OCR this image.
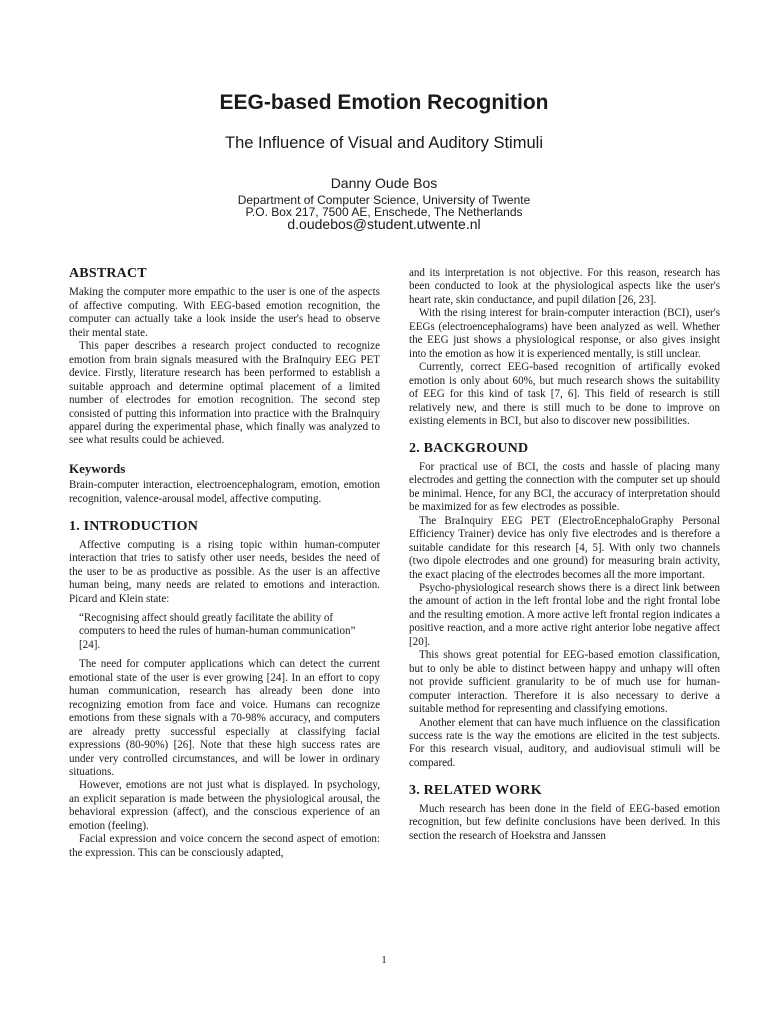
EEG-based Emotion Recognition
The Influence of Visual and Auditory Stimuli
Danny Oude Bos
Department of Computer Science, University of Twente
P.O. Box 217, 7500 AE, Enschede, The Netherlands
d.oudebos@student.utwente.nl
ABSTRACT

Making the computer more empathic to the user is one of the aspects of affective computing. With EEG-based emotion recognition, the computer can actually take a look inside the user's head to observe their mental state.

This paper describes a research project conducted to recognize emotion from brain signals measured with the BraInquiry EEG PET device. Firstly, literature research has been performed to establish a suitable approach and determine optimal placement of a limited number of electrodes for emotion recognition. The second step consisted of putting this information into practice with the BraInquiry apparel during the experimental phase, which finally was analyzed to see what results could be achieved.

Keywords

Brain-computer interaction, electroencephalogram, emotion, emotion recognition, valence-arousal model, affective computing.

1. INTRODUCTION

Affective computing is a rising topic within human-computer interaction that tries to satisfy other user needs, besides the need of the user to be as productive as possible. As the user is an affective human being, many needs are related to emotions and interaction. Picard and Klein state:

“Recognising affect should greatly facilitate the ability of computers to heed the rules of human-human communication” [24].

The need for computer applications which can detect the current emotional state of the user is ever growing [24]. In an effort to copy human communication, research has already been done into recognizing emotion from face and voice. Humans can recognize emotions from these signals with a 70-98% accuracy, and computers are already pretty successful especially at classifying facial expressions (80-90%) [26]. Note that these high success rates are under very controlled circumstances, and will be lower in ordinary situations.

However, emotions are not just what is displayed. In psychology, an explicit separation is made between the physiological arousal, the behavioral expression (affect), and the conscious experience of an emotion (feeling).

Facial expression and voice concern the second aspect of emotion: the expression. This can be consciously adapted,

and its interpretation is not objective. For this reason, research has been conducted to look at the physiological aspects like the user's heart rate, skin conductance, and pupil dilation [26, 23].

With the rising interest for brain-computer interaction (BCI), user's EEGs (electroencephalograms) have been analyzed as well. Whether the EEG just shows a physiological response, or also gives insight into the emotion as how it is experienced mentally, is still unclear.

Currently, correct EEG-based recognition of artifically evoked emotion is only about 60%, but much research shows the suitability of EEG for this kind of task [7, 6]. This field of research is still relatively new, and there is still much to be done to improve on existing elements in BCI, but also to discover new possibilities.

2. BACKGROUND

For practical use of BCI, the costs and hassle of placing many electrodes and getting the connection with the computer set up should be minimal. Hence, for any BCI, the accuracy of interpretation should be maximized for as few electrodes as possible.

The BraInquiry EEG PET (ElectroEncephaloGraphy Personal Efficiency Trainer) device has only five electrodes and is therefore a suitable candidate for this research [4, 5]. With only two channels (two dipole electrodes and one ground) for measuring brain activity, the exact placing of the electrodes becomes all the more important.

Psycho-physiological research shows there is a direct link between the amount of action in the left frontal lobe and the right frontal lobe and the resulting emotion. A more active left frontal region indicates a positive reaction, and a more active right anterior lobe negative affect [20].

This shows great potential for EEG-based emotion classification, but to only be able to distinct between happy and unhapy will often not provide sufficient granularity to be of much use for human-computer interaction. Therefore it is also necessary to derive a suitable method for representing and classifying emotions.

Another element that can have much influence on the classification success rate is the way the emotions are elicited in the test subjects. For this research visual, auditory, and audiovisual stimuli will be compared.

3. RELATED WORK

Much research has been done in the field of EEG-based emotion recognition, but few definite conclusions have been derived. In this section the research of Hoekstra and Janssen

1
